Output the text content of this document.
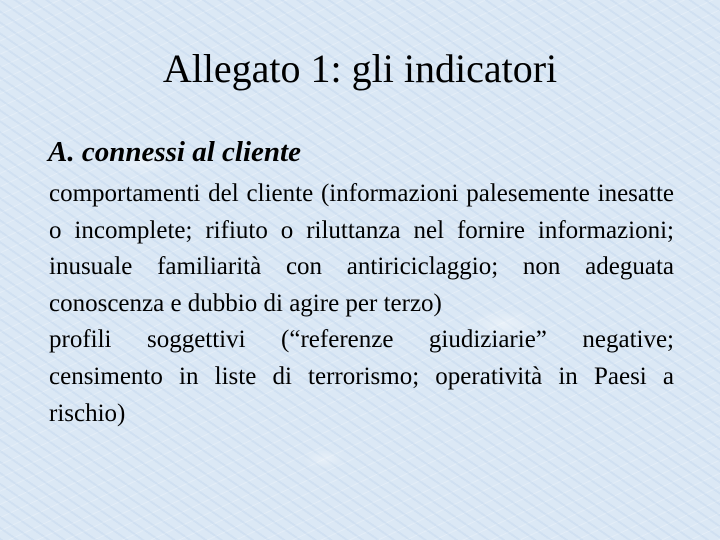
Allegato 1: gli indicatori
A. connessi al cliente

comportamenti del cliente (informazioni palesemente inesatte o incomplete; rifiuto o riluttanza nel fornire informazioni; inusuale familiarità con antiriciclaggio; non adeguata conoscenza e dubbio di agire per terzo)

profili soggettivi (“referenze giudiziarie” negative; censimento in liste di terrorismo; operatività in Paesi a rischio)
